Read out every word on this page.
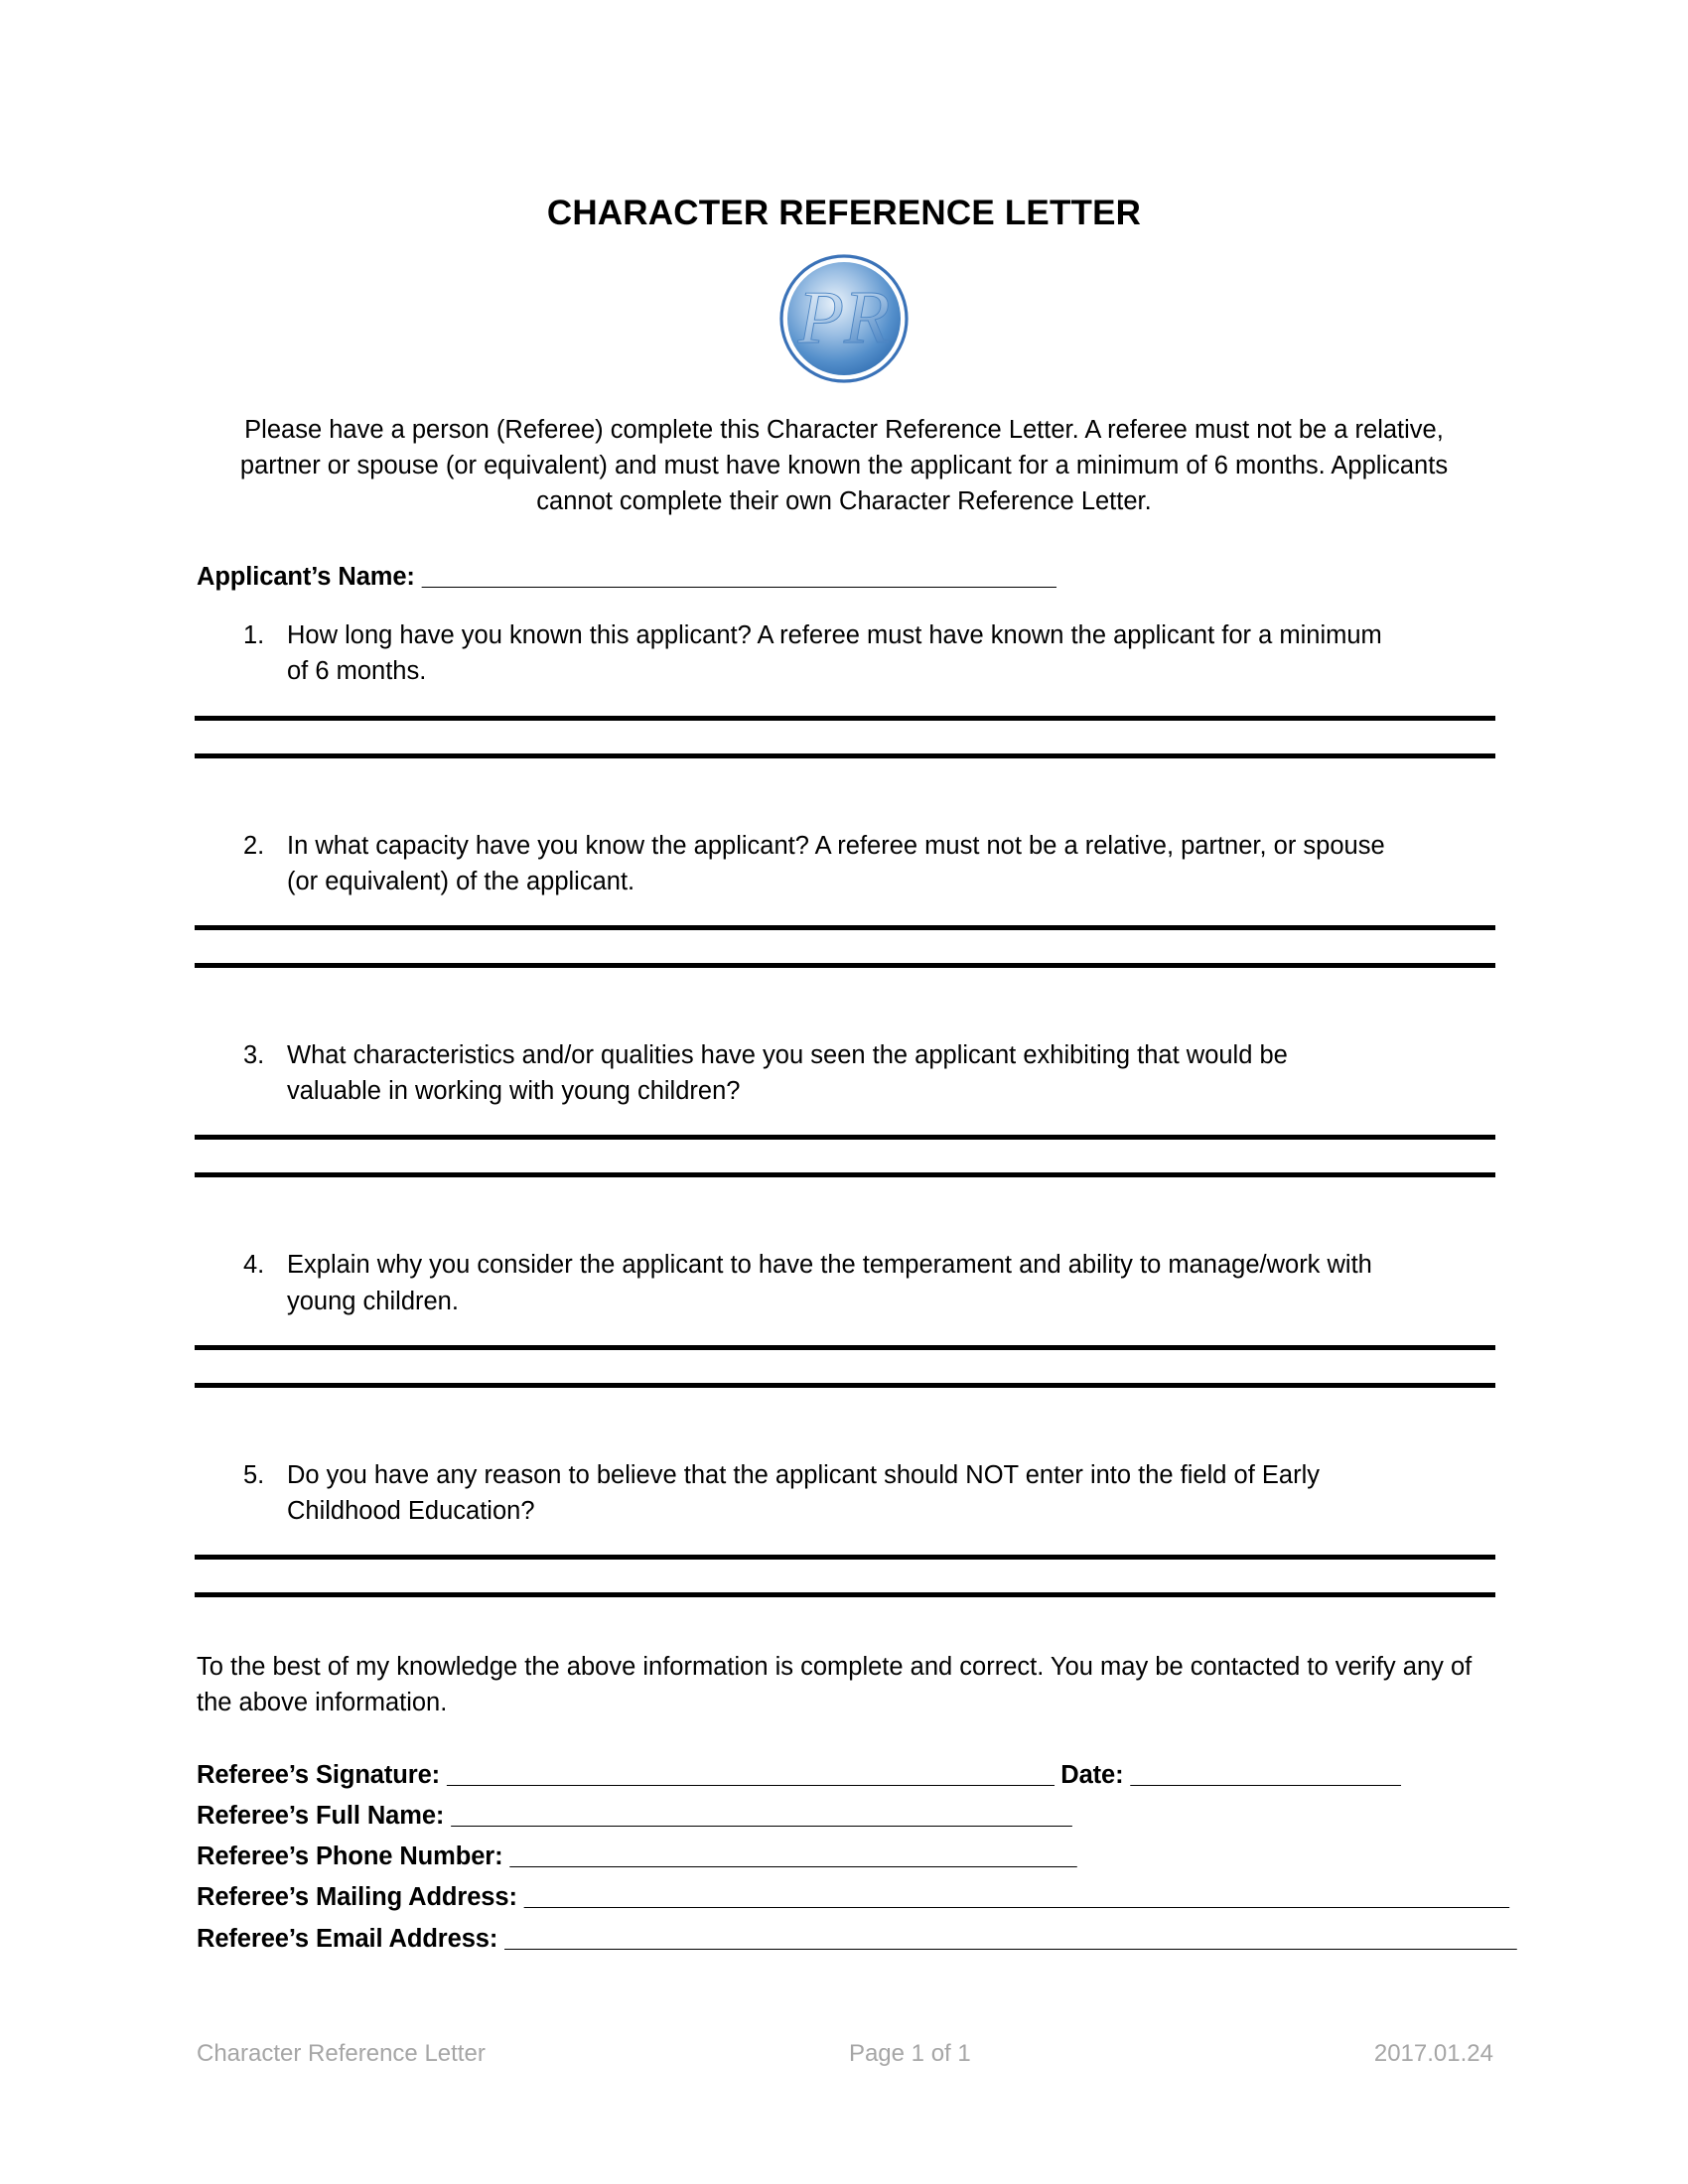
CHARACTER REFERENCE LETTER
PR

Please have a person (Referee) complete this Character Reference Letter. A referee must not be a relative, partner or spouse (or equivalent) and must have known the applicant for a minimum of 6 months. Applicants cannot complete their own Character Reference Letter.

Applicant’s Name: _______________________________________________
1. How long have you known this applicant? A referee must have known the applicant for a minimum of 6 months.
2. In what capacity have you know the applicant? A referee must not be a relative, partner, or spouse (or equivalent) of the applicant.
3. What characteristics and/or qualities have you seen the applicant exhibiting that would be valuable in working with young children?
4. Explain why you consider the applicant to have the temperament and ability to manage/work with young children.
5. Do you have any reason to believe that the applicant should NOT enter into the field of Early Childhood Education?

To the best of my knowledge the above information is complete and correct. You may be contacted to verify any of the above information.

Referee’s Signature: _____________________________________________ Date: ____________________
Referee’s Full Name: ______________________________________________
Referee’s Phone Number: __________________________________________
Referee’s Mailing Address: _________________________________________________________________________
Referee’s Email Address: ___________________________________________________________________________
Character Reference Letter	Page 1 of 1	2017.01.24
